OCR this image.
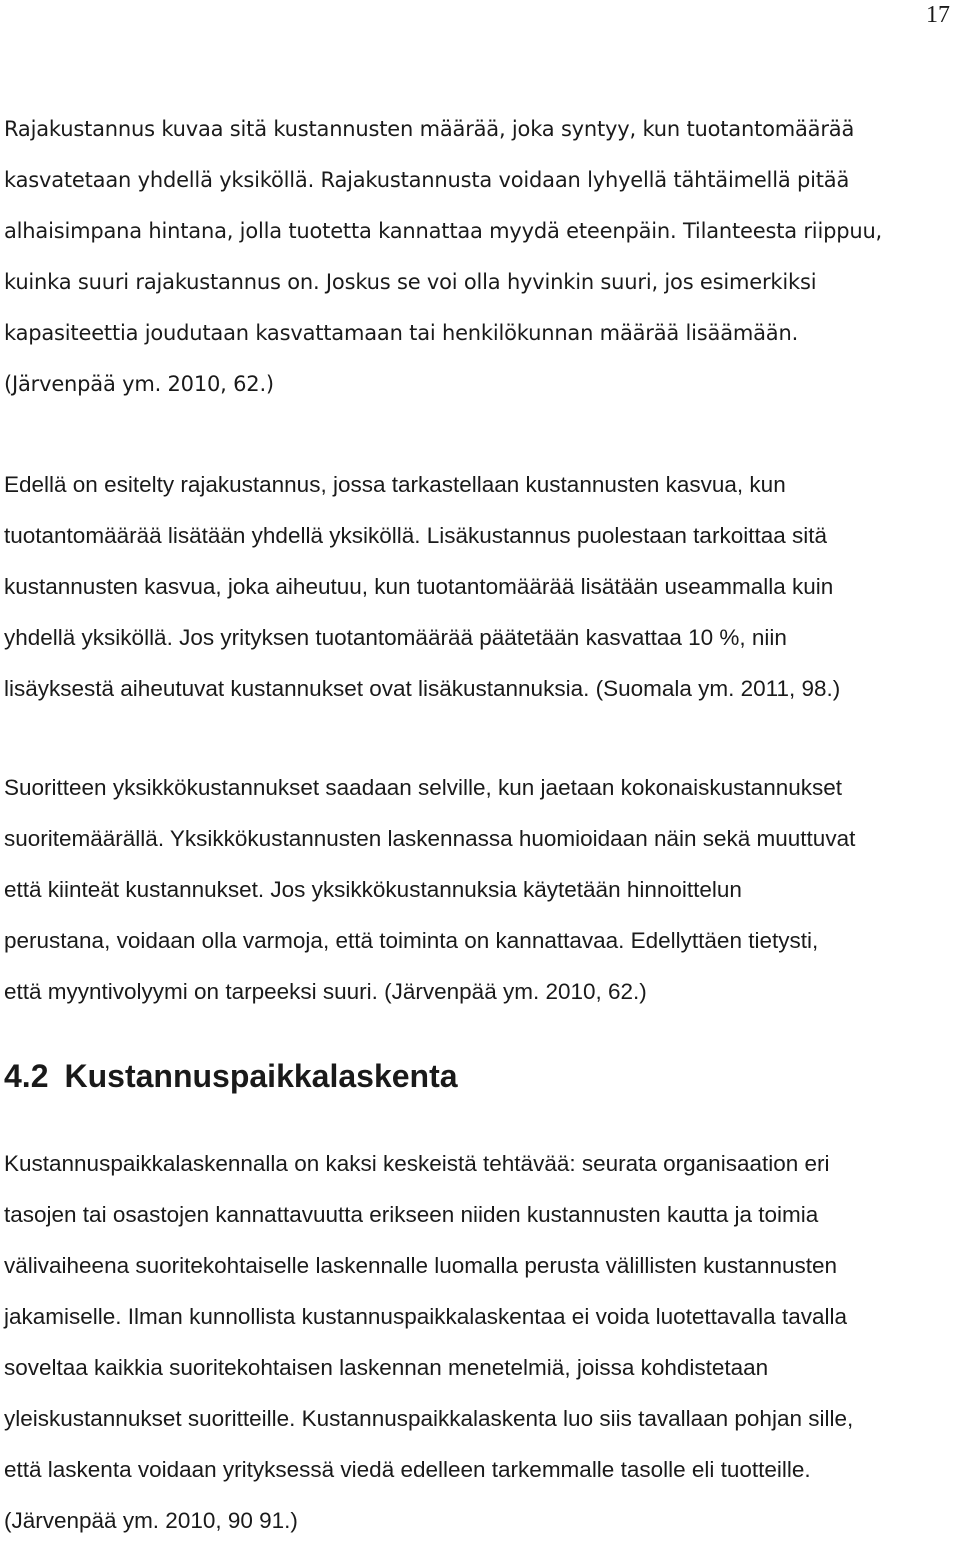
17

Rajakustannus kuvaa sitä kustannusten määrää, joka syntyy, kun tuotantomäärää
kasvatetaan yhdellä yksiköllä. Rajakustannusta voidaan lyhyellä tähtäimellä pitää
alhaisimpana hintana, jolla tuotetta kannattaa myydä eteenpäin. Tilanteesta riippuu,
kuinka suuri rajakustannus on. Joskus se voi olla hyvinkin suuri, jos esimerkiksi
kapasiteettia joudutaan kasvattamaan tai henkilökunnan määrää lisäämään.
(Järvenpää ym. 2010, 62.)

Edellä on esitelty rajakustannus, jossa tarkastellaan kustannusten kasvua, kun
tuotantomäärää lisätään yhdellä yksiköllä. Lisäkustannus puolestaan tarkoittaa sitä
kustannusten kasvua, joka aiheutuu, kun tuotantomäärää lisätään useammalla kuin
yhdellä yksiköllä. Jos yrityksen tuotantomäärää päätetään kasvattaa 10 %, niin
lisäyksestä aiheutuvat kustannukset ovat lisäkustannuksia. (Suomala ym. 2011, 98.)

Suoritteen yksikkökustannukset saadaan selville, kun jaetaan kokonaiskustannukset
suoritemäärällä. Yksikkökustannusten laskennassa huomioidaan näin sekä muuttuvat
että kiinteät kustannukset. Jos yksikkökustannuksia käytetään hinnoittelun
perustana, voidaan olla varmoja, että toiminta on kannattavaa. Edellyttäen tietysti,
että myyntivolyymi on tarpeeksi suuri. (Järvenpää ym. 2010, 62.)

4.2 Kustannuspaikkalaskenta

Kustannuspaikkalaskennalla on kaksi keskeistä tehtävää: seurata organisaation eri
tasojen tai osastojen kannattavuutta erikseen niiden kustannusten kautta ja toimia
välivaiheena suoritekohtaiselle laskennalle luomalla perusta välillisten kustannusten
jakamiselle. Ilman kunnollista kustannuspaikkalaskentaa ei voida luotettavalla tavalla
soveltaa kaikkia suoritekohtaisen laskennan menetelmiä, joissa kohdistetaan
yleiskustannukset suoritteille. Kustannuspaikkalaskenta luo siis tavallaan pohjan sille,
että laskenta voidaan yrityksessä viedä edelleen tarkemmalle tasolle eli tuotteille.
(Järvenpää ym. 2010, 90 91.)
